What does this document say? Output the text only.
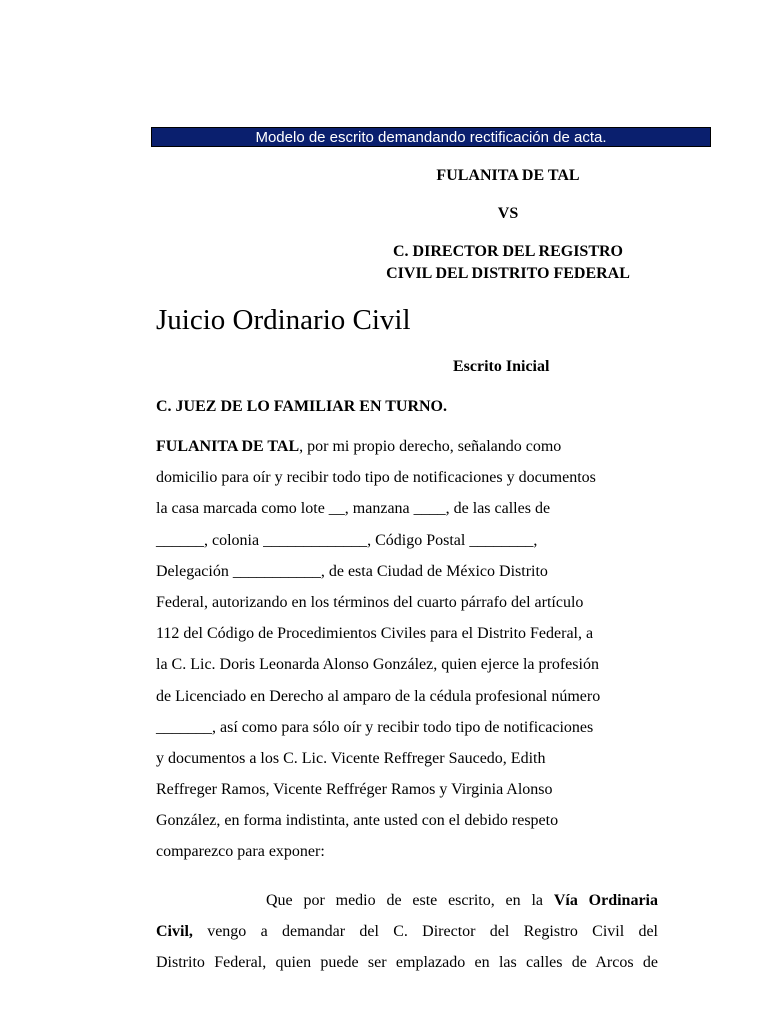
Modelo de escrito demandando rectificación de acta.
FULANITA DE TAL
VS
C. DIRECTOR DEL REGISTRO
CIVIL DEL DISTRITO FEDERAL
Juicio Ordinario Civil
Escrito Inicial
C. JUEZ DE LO FAMILIAR EN TURNO.
FULANITA DE TAL, por mi propio derecho, señalando como
domicilio para oír y recibir todo tipo de notificaciones y documentos
la casa marcada como lote __, manzana ____, de las calles de
______, colonia _____________, Código Postal ________,
Delegación ___________, de esta Ciudad de México Distrito
Federal, autorizando en los términos del cuarto párrafo del artículo
112 del Código de Procedimientos Civiles para el Distrito Federal, a
la C. Lic. Doris Leonarda Alonso González, quien ejerce la profesión
de Licenciado en Derecho al amparo de la cédula profesional número
_______, así como para sólo oír y recibir todo tipo de notificaciones
y documentos a los C. Lic. Vicente Reffreger Saucedo, Edith
Reffreger Ramos, Vicente Reffréger Ramos y Virginia Alonso
González, en forma indistinta, ante usted con el debido respeto
comparezco para exponer:
Que por medio de este escrito, en la Vía Ordinaria
Civil, vengo a demandar del C. Director del Registro Civil del
Distrito Federal, quien puede ser emplazado en las calles de Arcos de
